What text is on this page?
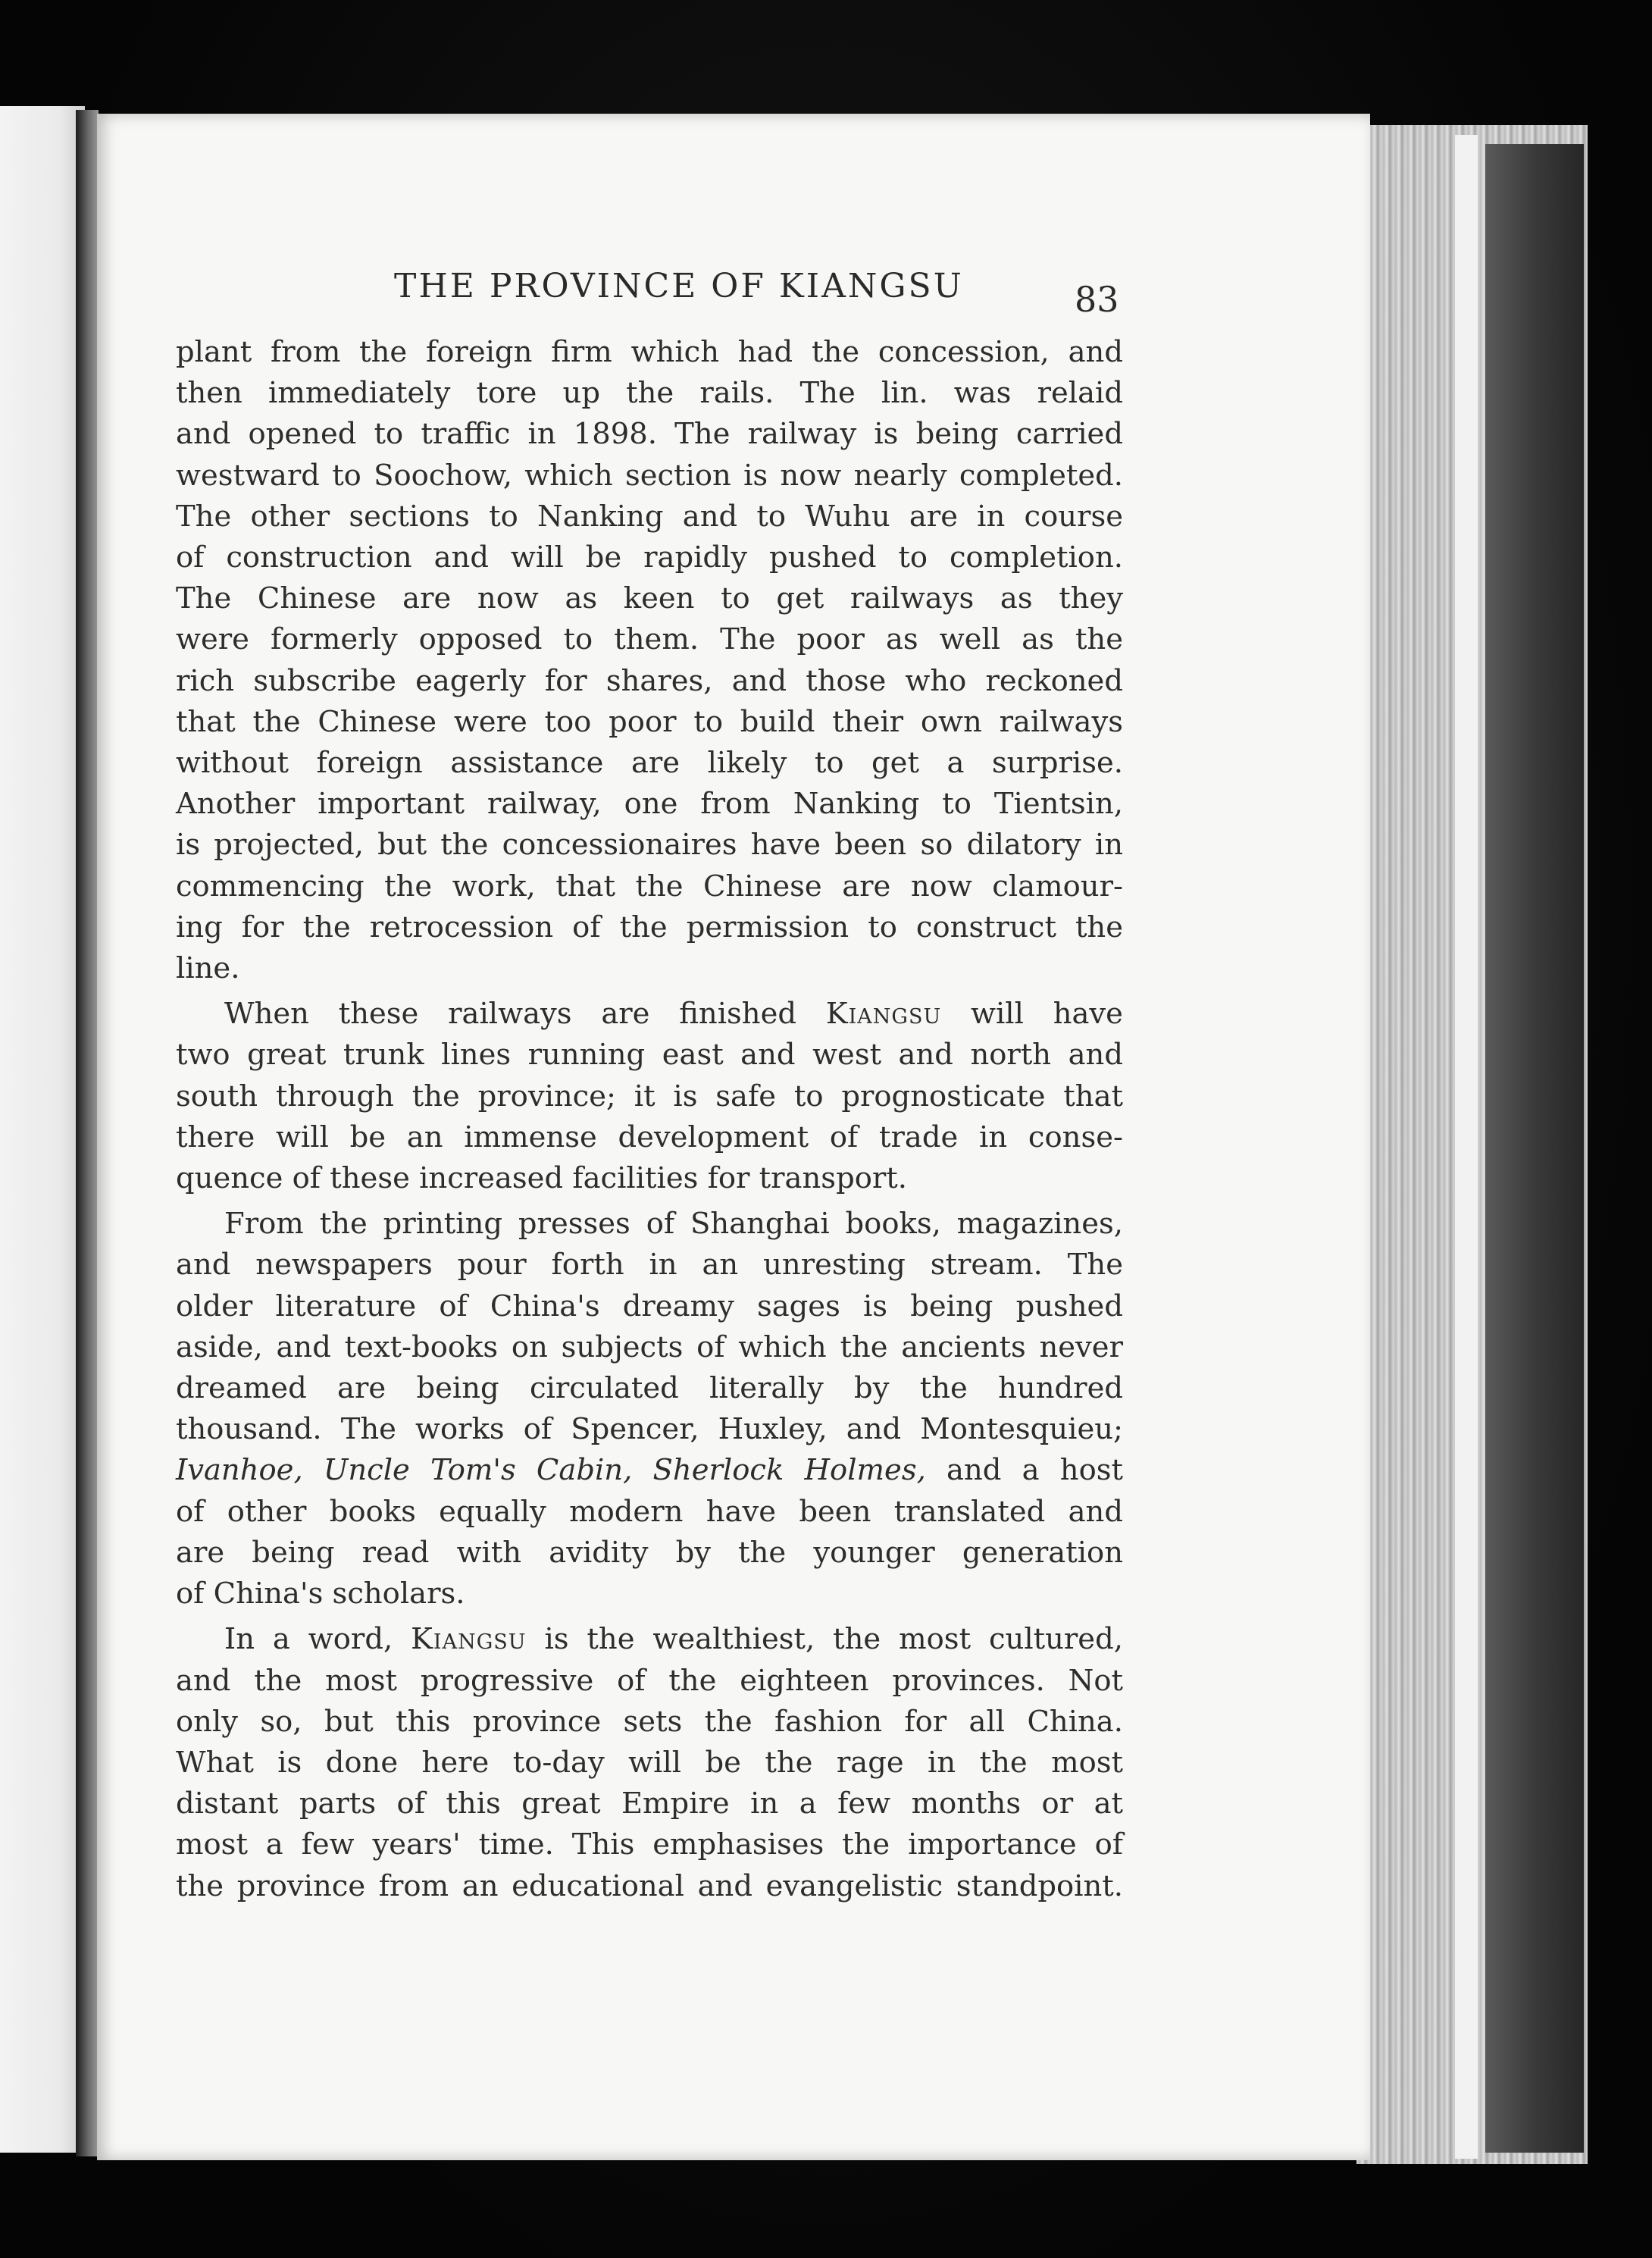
THE PROVINCE OF KIANGSU	83
plant from the foreign firm which had the concession, and
then immediately tore up the rails. The lin. was relaid
and opened to traffic in 1898. The railway is being carried
westward to Soochow, which section is now nearly completed.
The other sections to Nanking and to Wuhu are in course
of construction and will be rapidly pushed to completion.
The Chinese are now as keen to get railways as they
were formerly opposed to them. The poor as well as the
rich subscribe eagerly for shares, and those who reckoned
that the Chinese were too poor to build their own railways
without foreign assistance are likely to get a surprise.
Another important railway, one from Nanking to Tientsin,
is projected, but the concessionaires have been so dilatory in
commencing the work, that the Chinese are now clamour-
ing for the retrocession of the permission to construct the
line.
When these railways are finished Kiangsu will have
two great trunk lines running east and west and north and
south through the province; it is safe to prognosticate that
there will be an immense development of trade in conse-
quence of these increased facilities for transport.
From the printing presses of Shanghai books, magazines,
and newspapers pour forth in an unresting stream. The
older literature of China's dreamy sages is being pushed
aside, and text-books on subjects of which the ancients never
dreamed are being circulated literally by the hundred
thousand. The works of Spencer, Huxley, and Montesquieu;
Ivanhoe, Uncle Tom's Cabin, Sherlock Holmes, and a host
of other books equally modern have been translated and
are being read with avidity by the younger generation
of China's scholars.
In a word, Kiangsu is the wealthiest, the most cultured,
and the most progressive of the eighteen provinces. Not
only so, but this province sets the fashion for all China.
What is done here to-day will be the rage in the most
distant parts of this great Empire in a few months or at
most a few years' time. This emphasises the importance of
the province from an educational and evangelistic standpoint.
